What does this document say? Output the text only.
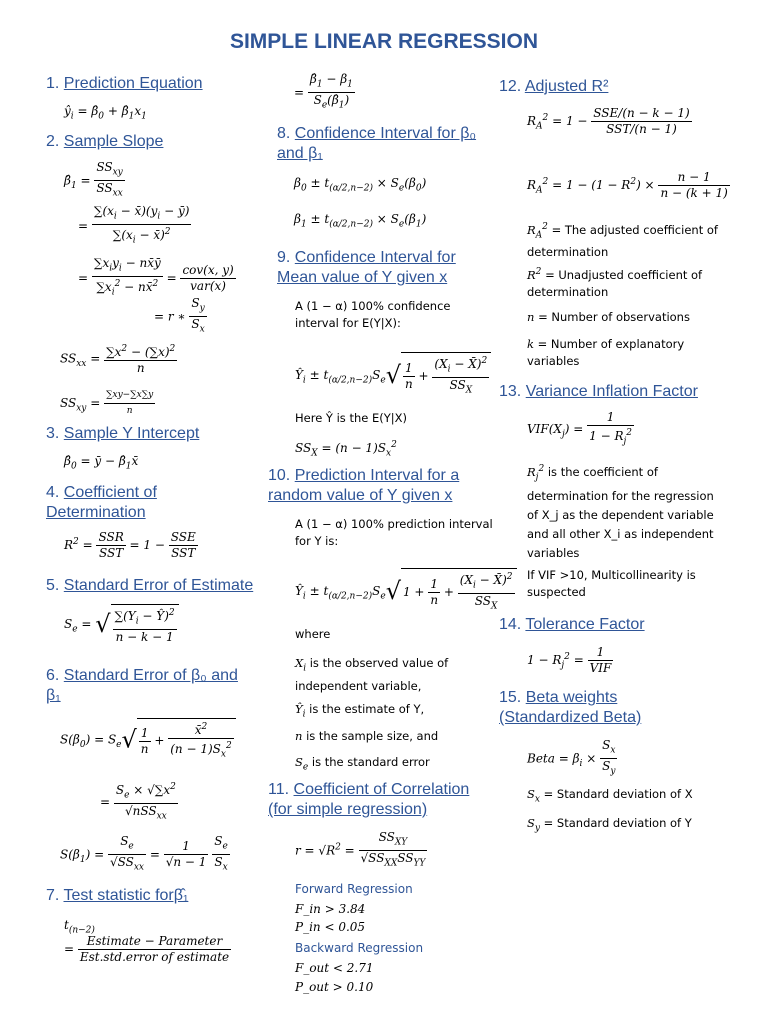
SIMPLE LINEAR REGRESSION
1. Prediction Equation
$ŷ_i$ = $\betâ_0$ + $\betâ_1x_1$
2. Sample Slope
$\betâ_1$ =
$SS_{xy}$
$SS_{xx}$
= $\frac{\sum(x_i - x̄)(y_i - ȳ)}{\sum(x_i - x̄)^2}$
=
$\sum x_iy_i$ − nx̄ȳ
$\sum x_i^2$ − nx̄$^2$ =
cov(x, y)
var(x)
= r ∗ $\frac{S_y}{S_x}$
$SS_{xx} = \frac{\sum x^2 - (\sum x)^2}{n}$
$SS_{xy} = \frac{\sum xy-\sum x\sum y}{n}$
3. Sample Y Intercept
$\betâ_0$ = ȳ − $\betâ_1x̄$
4. Coefficient of Determination
$R^2$ =
SSR
SST
= 1 −
SSE
SST
5. Standard Error of Estimate
$S_e$ = √ $\frac{\sum(Y_i - Ŷ)^2}{n - k - 1}$
6. Standard Error of β₀ and β₁
$S(\beta_0) = S_e√ \frac{1}{n} + \frac{x̄^2}{(n - 1)S_x^2}$
=
$S_e \times √\sum x^2$
√nSS$_{xx}$
$S(\beta_1)$ =
$S_e$
$√SS_{xx}$
= $\frac{1}{√n - 1}$
$\frac{S_e}{S_x}$
7. Test statistic forβ̂₁
$t_{(n-2)}$
=
Estimate − Parameter
Est.std.error of estimate
= $\frac{\betâ_1 - \beta_1}{S_e(\betâ_1)}$
8. Confidence Interval for β₀ and β₁
$\beta_0 \pm t_{(\alpha/2,n-2)} \times S_e(\beta_0)$
$\beta_1 \pm t_{(\alpha/2,n-2)} \times S_e(\beta_1)$
9. Confidence Interval for Mean value of Y given x
A (1 − α) 100% confidence interval for E(Y|X):
$Ŷ_i \pm t_{(\alpha/2,n-2)}S_e√ \frac{1}{n}$ +
($X_i$ − X̄)$^2$
$SS_X$
Here Ŷ is the E(Y|X)
$SS_X = (n - 1)S_x^2$
10. Prediction Interval for a random value of Y given x
A (1 − α) 100% prediction interval for Y is:
$Ŷ_i \pm t_{(\alpha/2,n-2)}S_e√$ $1 + \frac{1}{n}$ +
($X_i$ − X̄)$^2$
$SS_X$
where
$X_i$ is the observed value of independent variable,
$Ŷ_i$ is the estimate of Y,
n is the sample size, and
$S_e$ is the standard error
11. Coefficient of Correlation (for simple regression)
$r = √R^2$ =
$SS_{XY}$
$√SS_{XX}SS_{YY}$
Forward Regression
F_in > 3.84
P_in < 0.05
Backward Regression
F_out < 2.71
P_out > 0.10
12. Adjusted R²
$R_A^2 = 1$ −
SSE/(n − k − 1)
SST/(n − 1)
$R_A^2 = 1 - (1 - R^2) \times \frac{n - 1}{n - (k + 1)}$
$R_A^2$ = The adjusted coefficient of determination
$R^2$ = Unadjusted coefficient of determination
n = Number of observations
k = Number of explanatory variables
13. Variance Inflation Factor
$VIF(X_j) = \frac{1}{1 - R_j^2}$
$R_j^2$ is the coefficient of determination for the regression of X_j as the dependent variable and all other X_i as independent variables
If VIF >10, Multicollinearity is suspected
14. Tolerance Factor
$1 - R_j^2$ =
1
VIF
15. Beta weights (Standardized Beta)
Beta = $\beta_i \times \frac{S_x}{S_y}$
$S_x$ = Standard deviation of X
$S_y$ = Standard deviation of Y
